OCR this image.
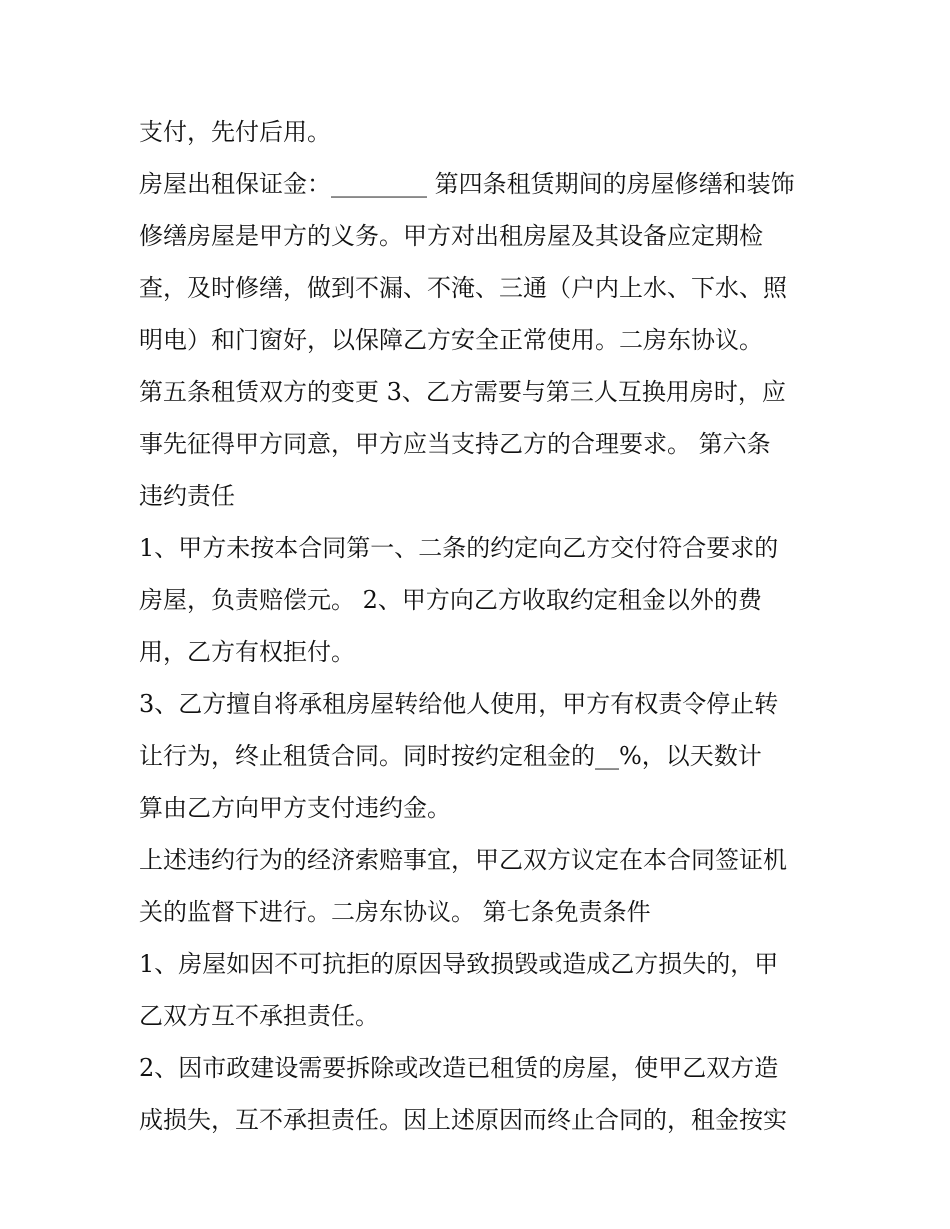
支付，先付后用。
房屋出租保证金：________ 第四条租赁期间的房屋修缮和装饰
修缮房屋是甲方的义务。甲方对出租房屋及其设备应定期检
查，及时修缮，做到不漏、不淹、三通（户内上水、下水、照
明电）和门窗好，以保障乙方安全正常使用。二房东协议。
第五条租赁双方的变更 3、乙方需要与第三人互换用房时，应
事先征得甲方同意，甲方应当支持乙方的合理要求。 第六条
违约责任
1、甲方未按本合同第一、二条的约定向乙方交付符合要求的
房屋，负责赔偿元。 2、甲方向乙方收取约定租金以外的费
用，乙方有权拒付。
3、乙方擅自将承租房屋转给他人使用，甲方有权责令停止转
让行为，终止租赁合同。同时按约定租金的__%，以天数计
算由乙方向甲方支付违约金。
上述违约行为的经济索赔事宜，甲乙双方议定在本合同签证机
关的监督下进行。二房东协议。 第七条免责条件
1、房屋如因不可抗拒的原因导致损毁或造成乙方损失的，甲
乙双方互不承担责任。
2、因市政建设需要拆除或改造已租赁的房屋，使甲乙双方造
成损失，互不承担责任。因上述原因而终止合同的，租金按实
